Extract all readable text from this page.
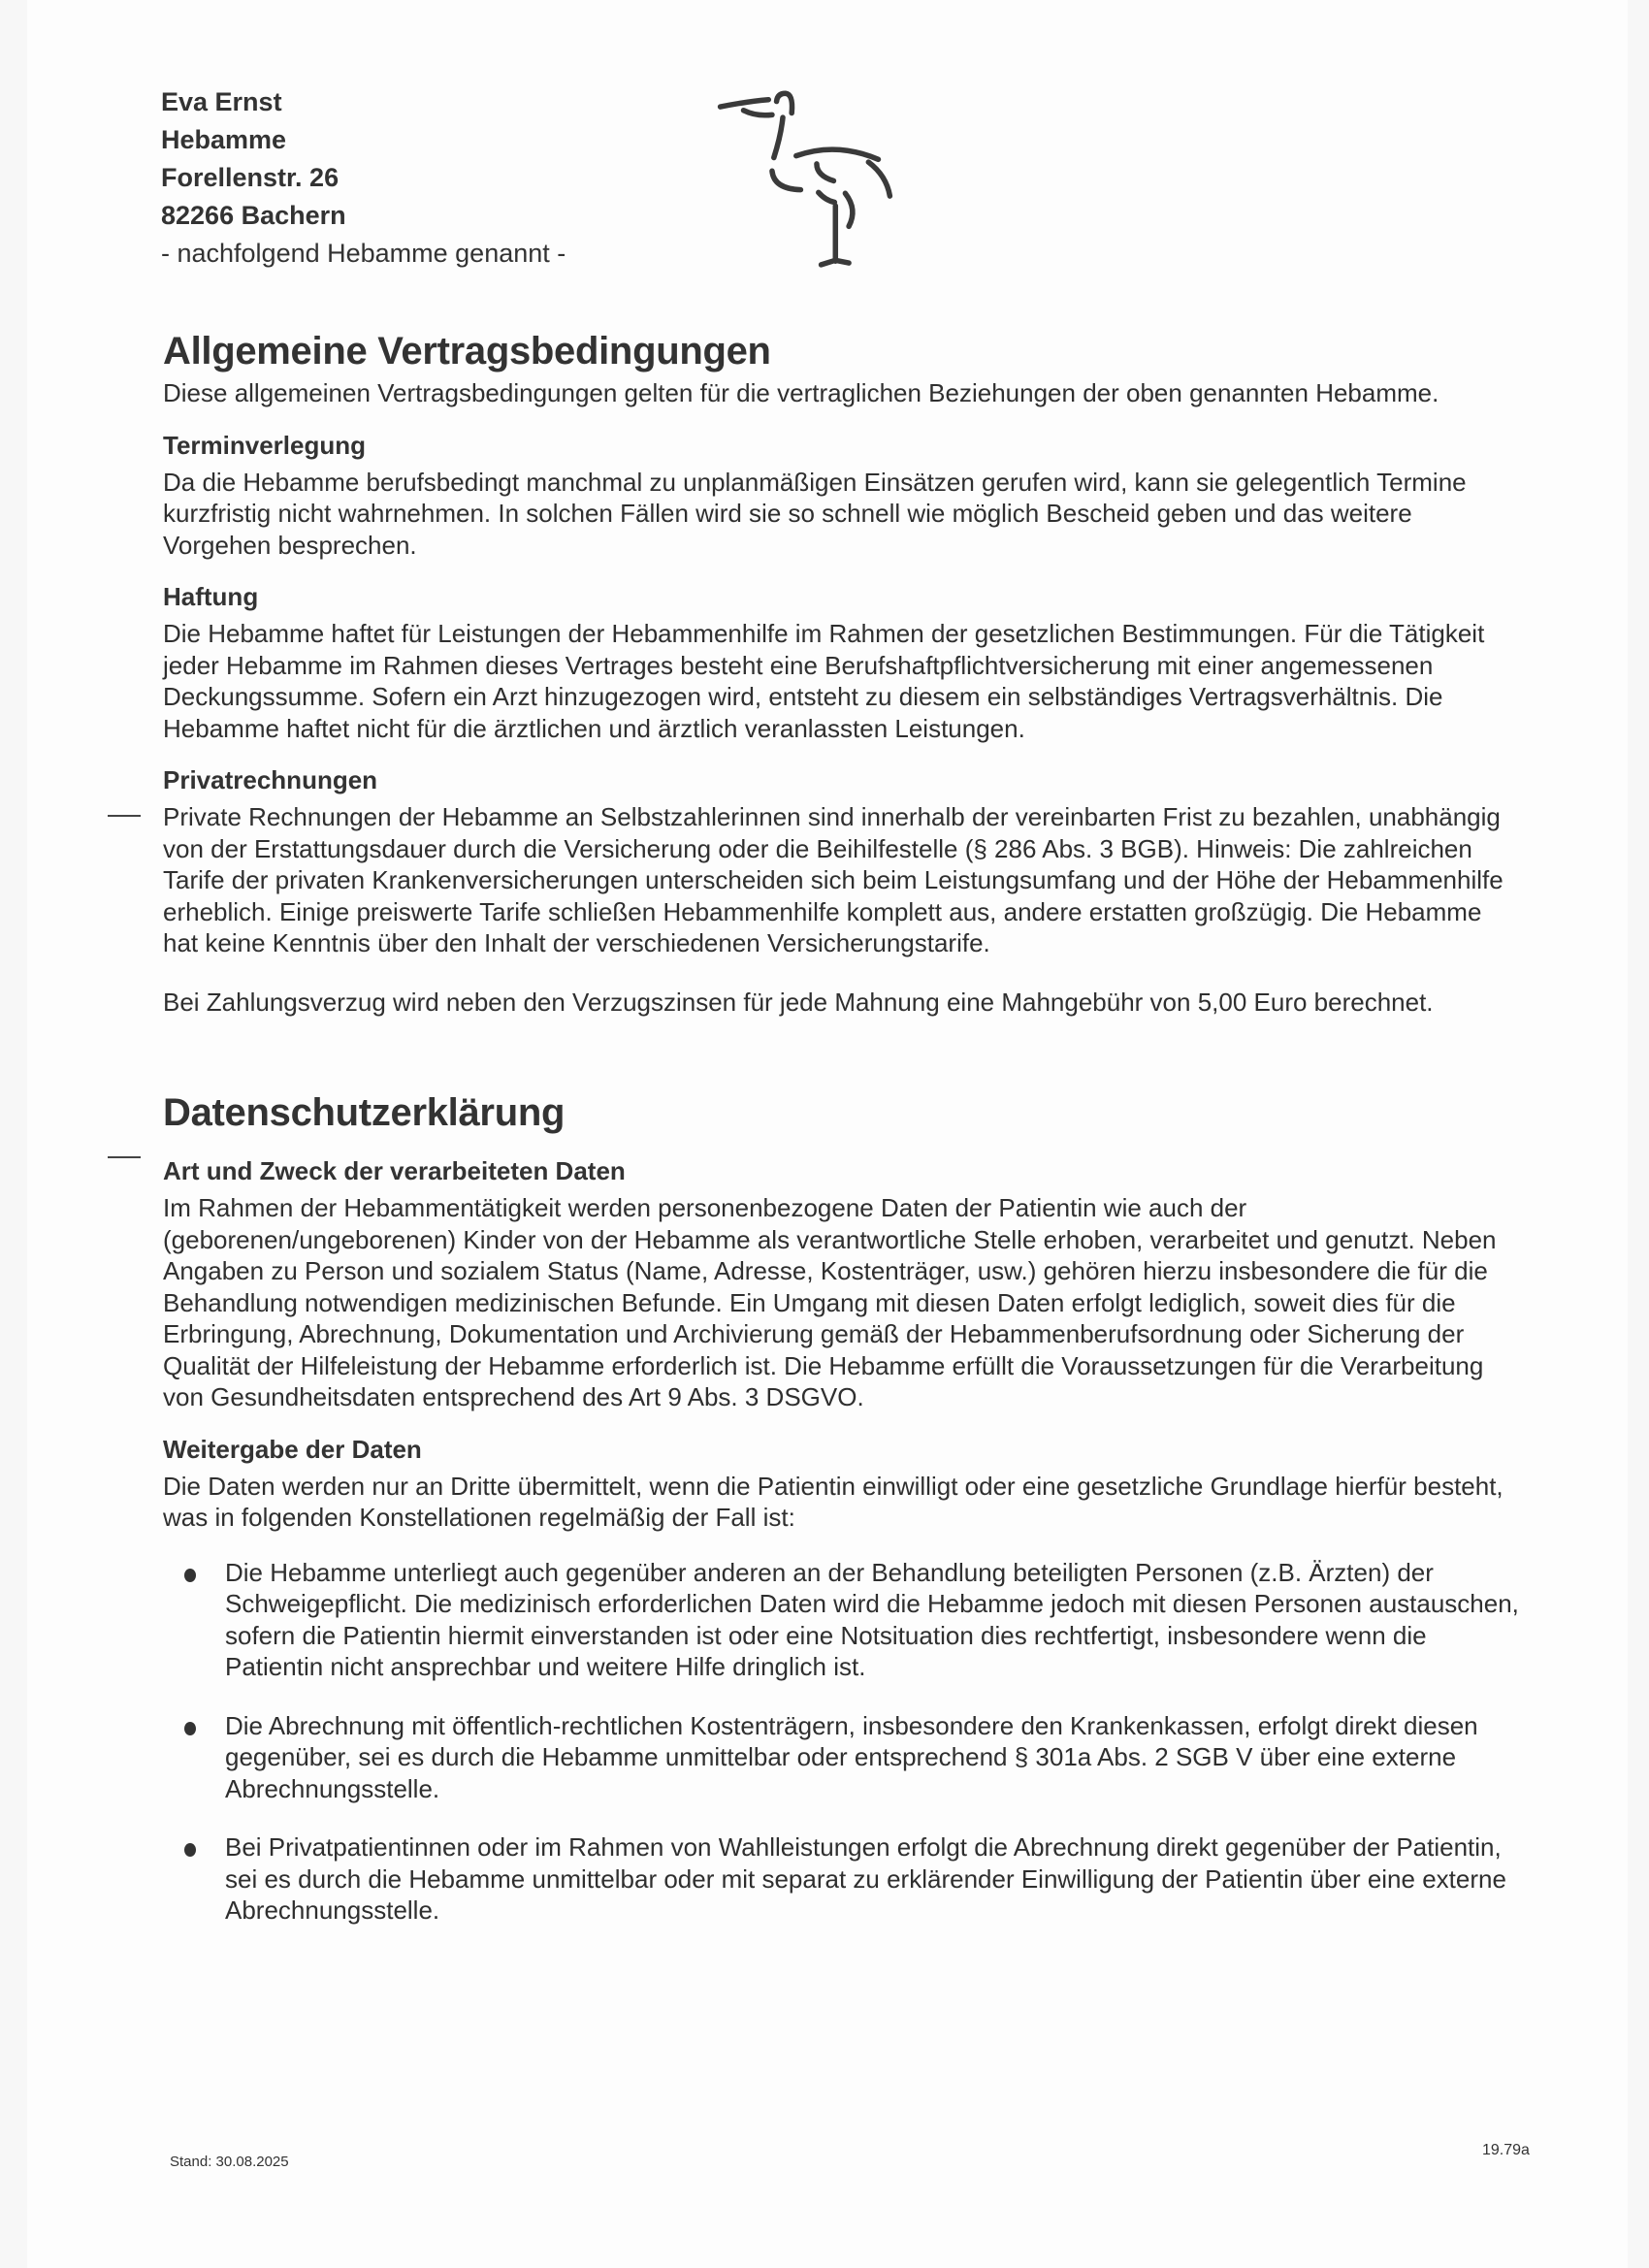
Eva Ernst
Hebamme
Forellenstr. 26
82266 Bachern
- nachfolgend Hebamme genannt -
Allgemeine Vertragsbedingungen

Diese allgemeinen Vertragsbedingungen gelten für die vertraglichen Beziehungen der oben genannten Hebamme.

Terminverlegung

Da die Hebamme berufsbedingt manchmal zu unplanmäßigen Einsätzen gerufen wird, kann sie gelegentlich Termine kurzfristig nicht wahrnehmen. In solchen Fällen wird sie so schnell wie möglich Bescheid geben und das weitere Vorgehen besprechen.

Haftung

Die Hebamme haftet für Leistungen der Hebammenhilfe im Rahmen der gesetzlichen Bestimmungen. Für die Tätigkeit jeder Hebamme im Rahmen dieses Vertrages besteht eine Berufshaftpflichtversicherung mit einer angemessenen Deckungssumme. Sofern ein Arzt hinzugezogen wird, entsteht zu diesem ein selbständiges Vertragsverhältnis. Die Hebamme haftet nicht für die ärztlichen und ärztlich veranlassten Leistungen.

Privatrechnungen

Private Rechnungen der Hebamme an Selbstzahlerinnen sind innerhalb der vereinbarten Frist zu bezahlen, unabhängig von der Erstattungsdauer durch die Versicherung oder die Beihilfestelle (§ 286 Abs. 3 BGB). Hinweis: Die zahlreichen Tarife der privaten Krankenversicherungen unterscheiden sich beim Leistungsumfang und der Höhe der Hebammenhilfe erheblich. Einige preiswerte Tarife schließen Hebammenhilfe komplett aus, andere erstatten großzügig. Die Hebamme hat keine Kenntnis über den Inhalt der verschiedenen Versicherungstarife.

Bei Zahlungsverzug wird neben den Verzugszinsen für jede Mahnung eine Mahngebühr von 5,00 Euro berechnet.

Datenschutzerklärung
Art und Zweck der verarbeiteten Daten

Im Rahmen der Hebammentätigkeit werden personenbezogene Daten der Patientin wie auch der (geborenen/ungeborenen) Kinder von der Hebamme als verantwortliche Stelle erhoben, verarbeitet und genutzt. Neben Angaben zu Person und sozialem Status (Name, Adresse, Kostenträger, usw.) gehören hierzu insbesondere die für die Behandlung notwendigen medizinischen Befunde. Ein Umgang mit diesen Daten erfolgt lediglich, soweit dies für die Erbringung, Abrechnung, Dokumentation und Archivierung gemäß der Hebammenberufsordnung oder Sicherung der Qualität der Hilfeleistung der Hebamme erforderlich ist. Die Hebamme erfüllt die Voraussetzungen für die Verarbeitung von Gesundheitsdaten entsprechend des Art 9 Abs. 3 DSGVO.

Weitergabe der Daten

Die Daten werden nur an Dritte übermittelt, wenn die Patientin einwilligt oder eine gesetzliche Grundlage hierfür besteht, was in folgenden Konstellationen regelmäßig der Fall ist:

Die Hebamme unterliegt auch gegenüber anderen an der Behandlung beteiligten Personen (z.B. Ärzten) der Schweigepflicht. Die medizinisch erforderlichen Daten wird die Hebamme jedoch mit diesen Personen austauschen, sofern die Patientin hiermit einverstanden ist oder eine Notsituation dies rechtfertigt, insbesondere wenn die Patientin nicht ansprechbar und weitere Hilfe dringlich ist.
Die Abrechnung mit öffentlich-rechtlichen Kostenträgern, insbesondere den Krankenkassen, erfolgt direkt diesen gegenüber, sei es durch die Hebamme unmittelbar oder entsprechend § 301a Abs. 2 SGB V über eine externe Abrechnungsstelle.
Bei Privatpatientinnen oder im Rahmen von Wahlleistungen erfolgt die Abrechnung direkt gegenüber der Patientin, sei es durch die Hebamme unmittelbar oder mit separat zu erklärender Einwilligung der Patientin über eine externe Abrechnungsstelle.
Stand: 30.08.2025
19.79a
